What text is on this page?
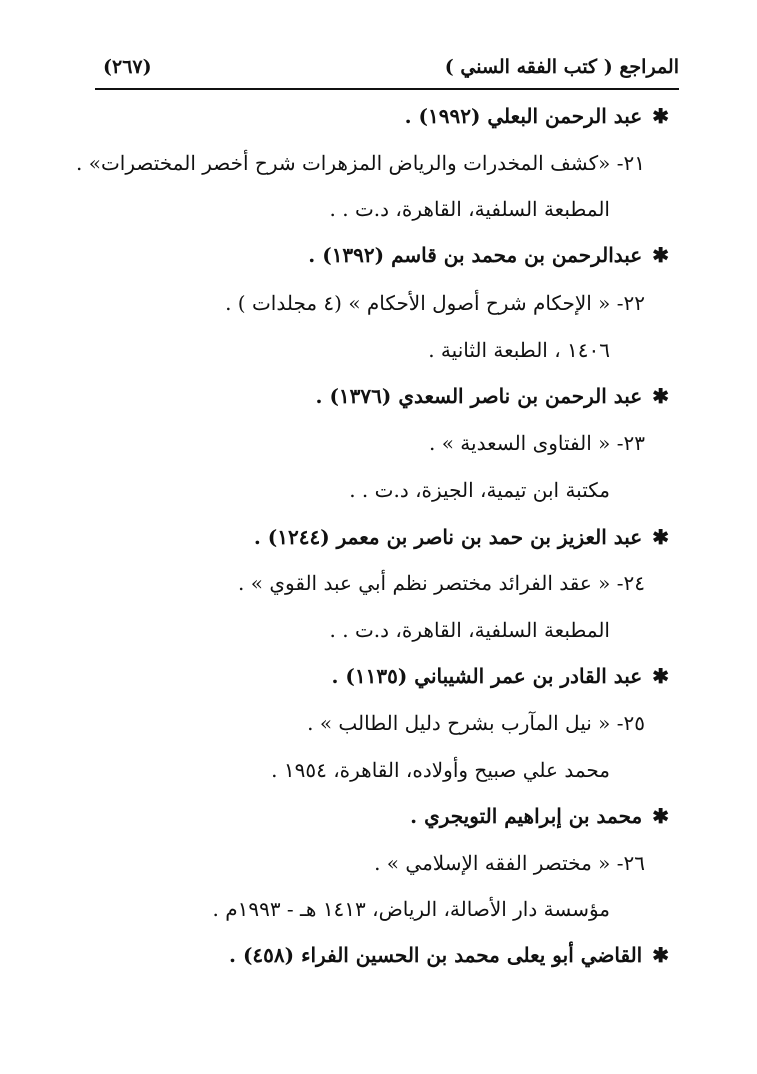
المراجع ( كتب الفقه السني )
(٢٦٧)
✱عبد الرحمن البعلي (١٩٩٢) .
٢١- «كشف المخدرات والرياض المزهرات شرح أخصر المختصرات» .
المطبعة السلفية، القاهرة، د.ت . .
✱عبدالرحمن بن محمد بن قاسم (١٣٩٢) .
٢٢- « الإحكام شرح أصول الأحكام » (٤ مجلدات ) .
١٤٠٦ ، الطبعة الثانية .
✱عبد الرحمن بن ناصر السعدي (١٣٧٦) .
٢٣- « الفتاوى السعدية » .
مكتبة ابن تيمية، الجيزة، د.ت . .
✱عبد العزيز بن حمد بن ناصر بن معمر (١٢٤٤) .
٢٤- « عقد الفرائد مختصر نظم أبي عبد القوي » .
المطبعة السلفية، القاهرة، د.ت . .
✱عبد القادر بن عمر الشيباني (١١٣٥) .
٢٥- « نيل المآرب بشرح دليل الطالب » .
محمد علي صبيح وأولاده، القاهرة، ١٩٥٤ .
✱محمد بن إبراهيم التويجري .
٢٦- « مختصر الفقه الإسلامي » .
مؤسسة دار الأصالة، الرياض، ١٤١٣ هـ - ١٩٩٣م .
✱القاضي أبو يعلى محمد بن الحسين الفراء (٤٥٨) .
